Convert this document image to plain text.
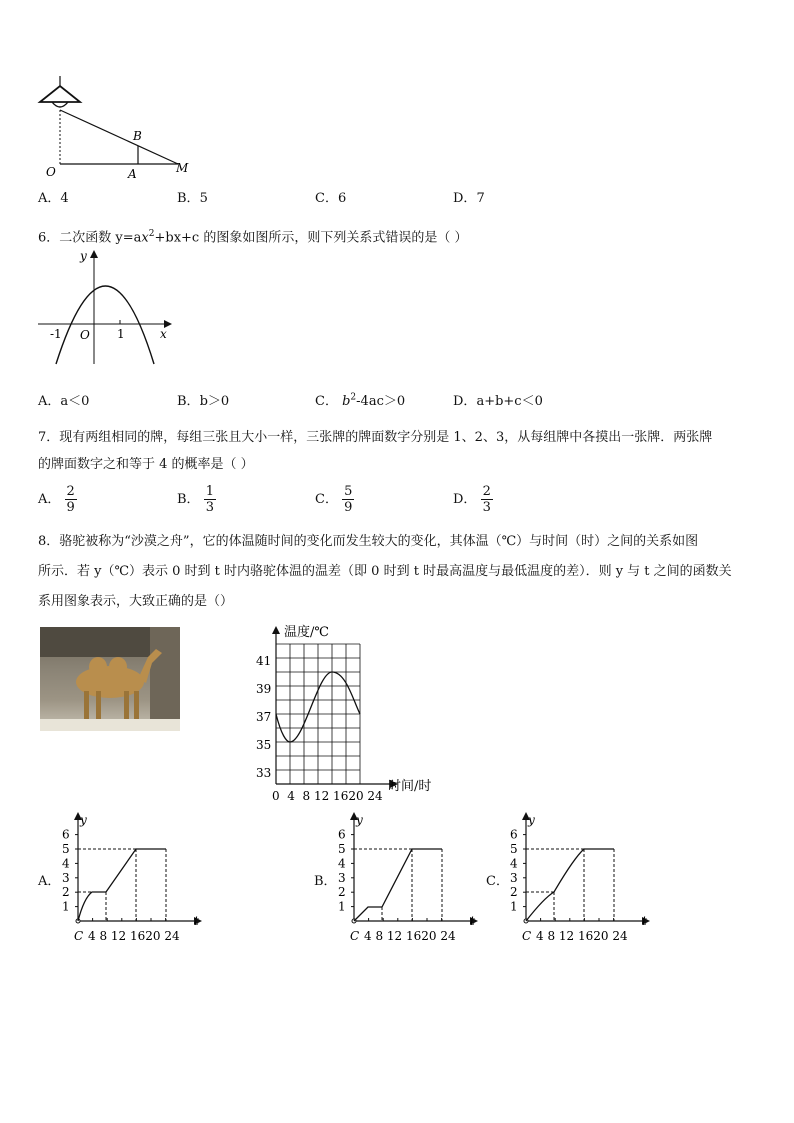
B
O	A	M
A．4	B．5	C．6	D．7
6．二次函数 $y=ax^2+bx+c$ 的图象如图所示，则下列关系式错误的是（ ）
y
x
-1 O 1
A．a＜0	B．b＞0	C． $b^2-4ac>0$	D．a+b+c＜0
7．现有两组相同的牌，每组三张且大小一样，三张牌的牌面数字分别是 1、2、3，从每组牌中各摸出一张牌．两张牌
的牌面数字之和等于 4 的概率是（ ）
A． $\frac{2}{9}$	B． $\frac{1}{3}$	C． $\frac{5}{9}$	D． $\frac{2}{3}$
8．骆驼被称为“沙漠之舟”，它的体温随时间的变化而发生较大的变化，其体温（℃）与时间（时）之间的关系如图
所示．若 y（℃）表示 0 时到 t 时内骆驼体温的温差（即 0 时到 t 时最高温度与最低温度的差）．则 y 与 t 之间的函数关
系用图象表示，大致正确的是（）
温度/℃
时间/时
41
39
37
35
33
0  4  8 12 1620 24
A．
6
5
4
3
2
1
y
t
C 4 8 12 1620 24
B．
6
5
4
3
2
1
y
t
C 4 8 12 1620 24
C．
6
5
4
3
2
1
y
t
C 4 8 12 1620 24
